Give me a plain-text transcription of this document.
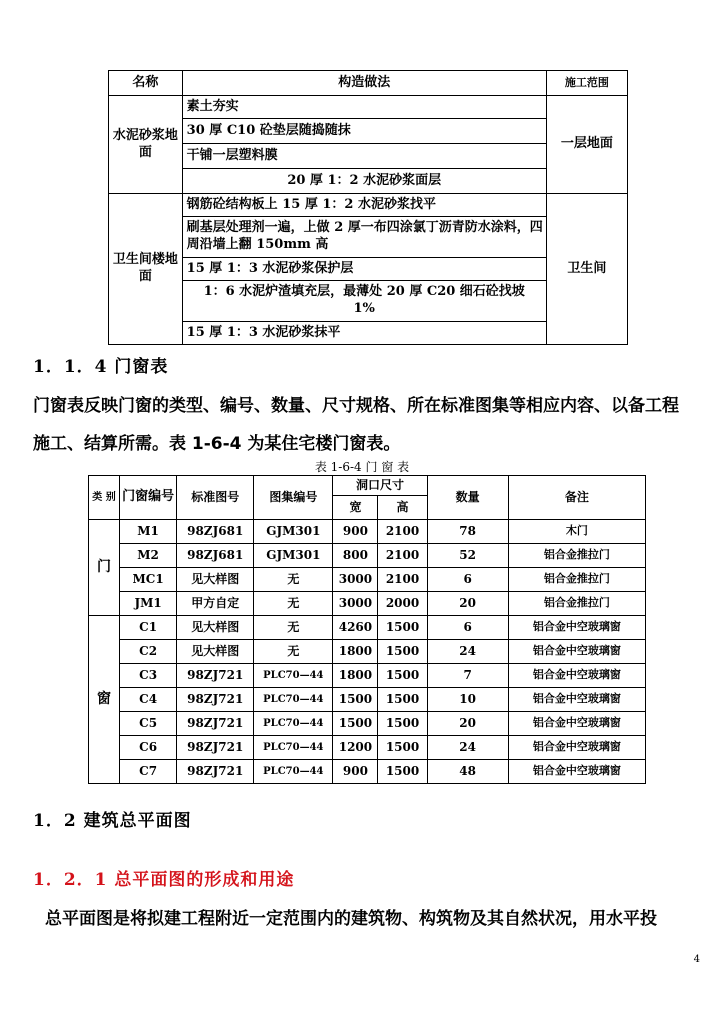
名称	构造做法	施工范围
水泥砂浆地面	素土夯实	一层地面
	30 厚 C10 砼垫层随捣随抹	
	干铺一层塑料膜	
	20 厚 1：2 水泥砂浆面层	
卫生间楼地面	钢筋砼结构板上 15 厚 1：2 水泥砂浆找平	卫生间
	刷基层处理剂一遍，上做 2 厚一布四涂氯丁沥青防水涂料，四周沿墙上翻 150mm 高	
	15 厚 1：3 水泥砂浆保护层	
	1：6 水泥炉渣填充层，最薄处 20 厚 C20 细石砼找坡 1%	
	15 厚 1：3 水泥砂浆抹平	
1．1．4 门窗表
门窗表反映门窗的类型、编号、数量、尺寸规格、所在标准图集等相应内容、以备工程
施工、结算所需。表 1-6-4 为某住宅楼门窗表。
表 1-6-4 门 窗 表
类 别	门窗编号	标准图号	图集编号	洞口尺寸		数量	备注
				宽	高		
门	M1	98ZJ681	GJM301	900	2100	78	木门
	M2	98ZJ681	GJM301	800	2100	52	铝合金推拉门
	MC1	见大样图	无	3000	2100	6	铝合金推拉门
	JM1	甲方自定	无	3000	2000	20	铝合金推拉门
窗	C1	见大样图	无	4260	1500	6	铝合金中空玻璃窗
	C2	见大样图	无	1800	1500	24	铝合金中空玻璃窗
	C3	98ZJ721	PLC70—44	1800	1500	7	铝合金中空玻璃窗
	C4	98ZJ721	PLC70—44	1500	1500	10	铝合金中空玻璃窗
	C5	98ZJ721	PLC70—44	1500	1500	20	铝合金中空玻璃窗
	C6	98ZJ721	PLC70—44	1200	1500	24	铝合金中空玻璃窗
	C7	98ZJ721	PLC70—44	900	1500	48	铝合金中空玻璃窗
1．2 建筑总平面图
1．2．1 总平面图的形成和用途
总平面图是将拟建工程附近一定范围内的建筑物、构筑物及其自然状况，用水平投
4
